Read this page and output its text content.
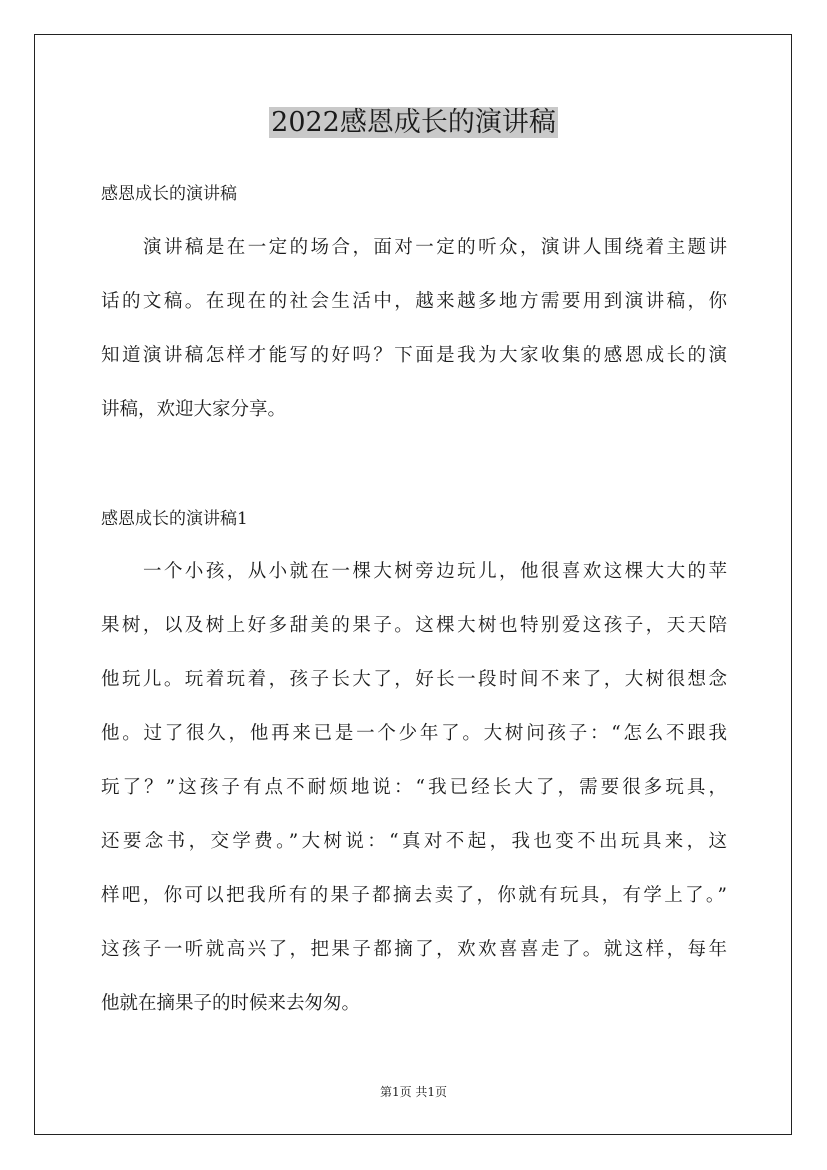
2022感恩成长的演讲稿
感恩成长的演讲稿

演讲稿是在一定的场合，面对一定的听众，演讲人围绕着主题讲

话的文稿。在现在的社会生活中，越来越多地方需要用到演讲稿，你

知道演讲稿怎样才能写的好吗？下面是我为大家收集的感恩成长的演

讲稿，欢迎大家分享。

感恩成长的演讲稿1

一个小孩，从小就在一棵大树旁边玩儿，他很喜欢这棵大大的苹

果树，以及树上好多甜美的果子。这棵大树也特别爱这孩子，天天陪

他玩儿。玩着玩着，孩子长大了，好长一段时间不来了，大树很想念

他。过了很久，他再来已是一个少年了。大树问孩子：“怎么不跟我

玩了？”这孩子有点不耐烦地说：“我已经长大了，需要很多玩具，

还要念书，交学费。”大树说：“真对不起，我也变不出玩具来，这

样吧，你可以把我所有的果子都摘去卖了，你就有玩具，有学上了。”

这孩子一听就高兴了，把果子都摘了，欢欢喜喜走了。就这样，每年

他就在摘果子的时候来去匆匆。

第1页 共1页
